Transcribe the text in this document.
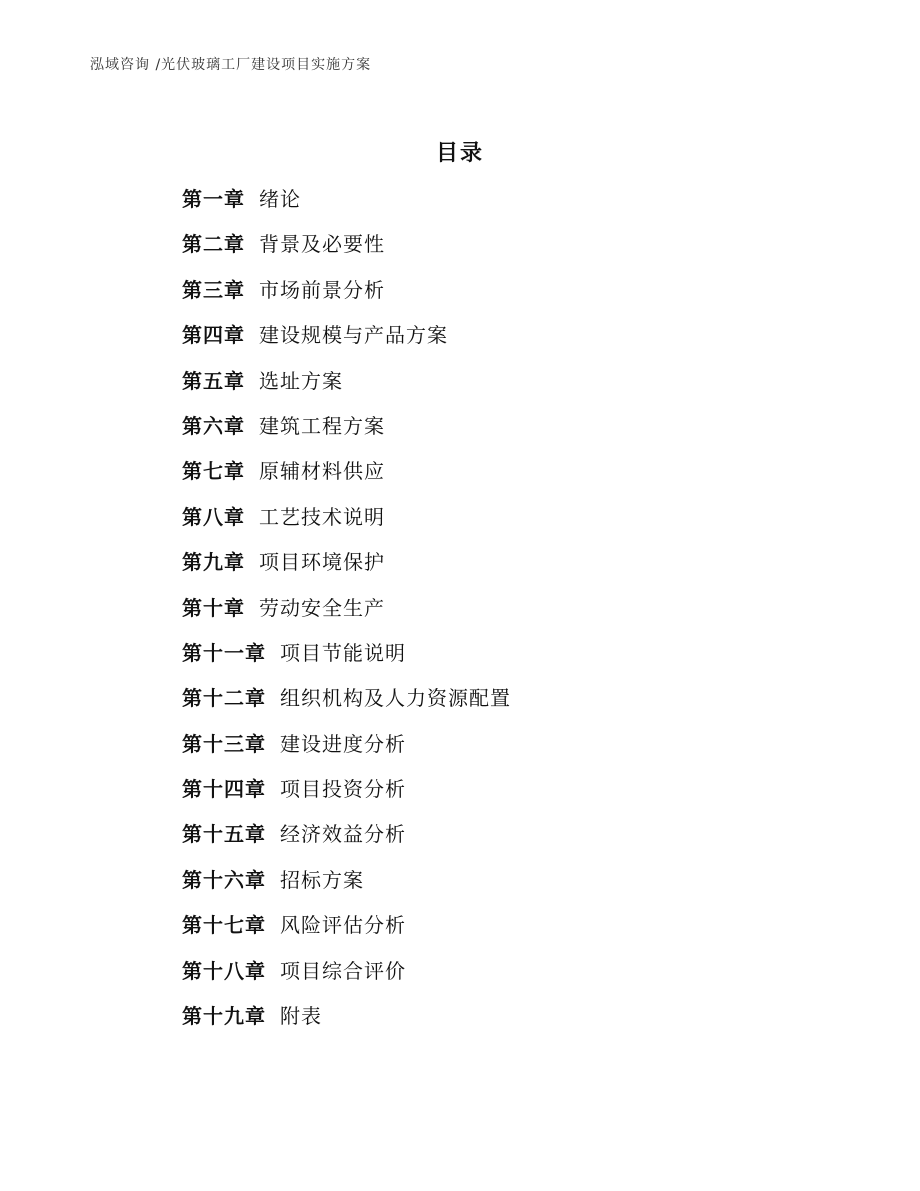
泓域咨询 /光伏玻璃工厂建设项目实施方案
目录
第一章 绪论
第二章 背景及必要性
第三章 市场前景分析
第四章 建设规模与产品方案
第五章 选址方案
第六章 建筑工程方案
第七章 原辅材料供应
第八章 工艺技术说明
第九章 项目环境保护
第十章 劳动安全生产
第十一章 项目节能说明
第十二章 组织机构及人力资源配置
第十三章 建设进度分析
第十四章 项目投资分析
第十五章 经济效益分析
第十六章 招标方案
第十七章 风险评估分析
第十八章 项目综合评价
第十九章 附表
